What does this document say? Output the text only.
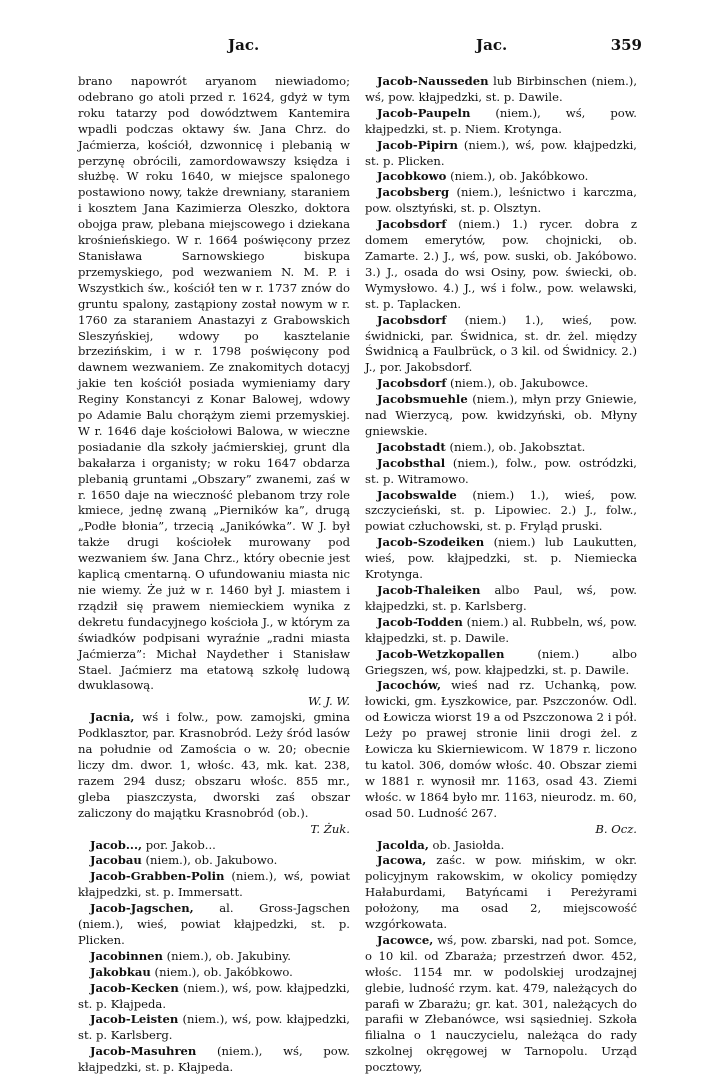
Jac.	Jac.	359

brano napowrót aryanom niewiadomo; odebrano go atoli przed r. 1624, gdyż w tym roku tatarzy pod dowództwem Kantemira wpadli podczas oktawy św. Jana Chrz. do Jaćmierza, kościół, dzwonnicę i plebanią w perzynę obrócili, zamordowawszy księdza i służbę. W roku 1640, w miejsce spalonego postawiono nowy, także drewniany, staraniem i kosztem Jana Kazimierza Oleszko, doktora obojga praw, plebana miejscowego i dziekana krośnieńskiego. W r. 1664 poświęcony przez Stanisława Sarnowskiego biskupa przemyskiego, pod wezwaniem N. M. P. i Wszystkich św., kościół ten w r. 1737 znów do gruntu spalony, zastąpiony został nowym w r. 1760 za staraniem Anastazyi z Grabowskich Sleszyńskiej, wdowy po kasztelanie brzezińskim, i w r. 1798 poświęcony pod dawnem wezwaniem. Ze znakomitych dotacyj jakie ten kościół posiada wymieniamy dary Reginy Konstancyi z Konar Balowej, wdowy po Adamie Balu chorążym ziemi przemyskiej. W r. 1646 daje kościołowi Balowa, w wieczne posiadanie dla szkoły jaćmierskiej, grunt dla bakałarza i organisty; w roku 1647 obdarza plebanią gruntami „Obszary” zwanemi, zaś w r. 1650 daje na wieczność plebanom trzy role kmiece, jednę zwaną „Pierników ka”, drugą „Podłe błonia”, trzecią „Janikówka”. W J. był także drugi kościołek murowany pod wezwaniem św. Jana Chrz., który obecnie jest kaplicą cmentarną. O ufundowaniu miasta nic nie wiemy. Że już w r. 1460 był J. miastem i rządził się prawem niemieckiem wynika z dekretu fundacyjnego kościoła J., w którym za świadków podpisani wyraźnie „radni miasta Jaćmierza”: Michał Naydether i Stanisław Stael. Jaćmierz ma etatową szkołę ludową dwuklasową.
W. J. W.

Jacnia, wś i folw., pow. zamojski, gmina Podklasztor, par. Krasnobród. Leży śród lasów na południe od Zamościa o w. 20; obecnie liczy dm. dwor. 1, włośc. 43, mk. kat. 238, razem 294 dusz; obszaru włośc. 855 mr., gleba piaszczysta, dworski zaś obszar zaliczony do majątku Krasnobród (ob.).
T. Żuk.

Jacob..., por. Jakob...

Jacobau (niem.), ob. Jakubowo.

Jacob-Grabben-Polin (niem.), wś, powiat kłajpedzki, st. p. Immersatt.

Jacob-Jagschen, al. Gross-Jagschen (niem.), wieś, powiat kłajpedzki, st. p. Plicken.

Jacobinnen (niem.), ob. Jakubiny.

Jakobkau (niem.), ob. Jakóbkowo.

Jacob-Kecken (niem.), wś, pow. kłajpedzki, st. p. Kłajpeda.

Jacob-Leisten (niem.), wś, pow. kłajpedzki, st. p. Karlsberg.

Jacob-Masuhren (niem.), wś, pow. kłajpedzki, st. p. Kłajpeda.

Jacob-Nausseden lub Birbinschen (niem.), wś, pow. kłajpedzki, st. p. Dawile.

Jacob-Paupeln (niem.), wś, pow. kłajpedzki, st. p. Niem. Krotynga.

Jacob-Pipirn (niem.), wś, pow. kłajpedzki, st. p. Plicken.

Jacobkowo (niem.), ob. Jakóbkowo.

Jacobsberg (niem.), leśnictwo i karczma, pow. olsztyński, st. p. Olsztyn.

Jacobsdorf (niem.) 1.) rycer. dobra z domem emerytów, pow. chojnicki, ob. Zamarte. 2.) J., wś, pow. suski, ob. Jakóbowo. 3.) J., osada do wsi Osiny, pow. świecki, ob. Wymysłowo. 4.) J., wś i folw., pow. welawski, st. p. Taplacken.

Jacobsdorf (niem.) 1.), wieś, pow. świdnicki, par. Świdnica, st. dr. żel. między Świdnicą a Faulbrück, o 3 kil. od Świdnicy. 2.) J., por. Jakobsdorf.

Jacobsdorf (niem.), ob. Jakubowce.

Jacobsmuehle (niem.), młyn przy Gniewie, nad Wierzycą, pow. kwidzyński, ob. Młyny gniewskie.

Jacobstadt (niem.), ob. Jakobsztat.

Jacobsthal (niem.), folw., pow. ostródzki, st. p. Witramowo.

Jacobswalde (niem.) 1.), wieś, pow. szczycieński, st. p. Lipowiec. 2.) J., folw., powiat człuchowski, st. p. Fryląd pruski.

Jacob-Szodeiken (niem.) lub Laukutten, wieś, pow. kłajpedzki, st. p. Niemiecka Krotynga.

Jacob-Thaleiken albo Paul, wś, pow. kłajpedzki, st. p. Karlsberg.

Jacob-Todden (niem.) al. Rubbeln, wś, pow. kłajpedzki, st. p. Dawile.

Jacob-Wetzkopallen (niem.) albo Griegszen, wś, pow. kłajpedzki, st. p. Dawile.

Jacochów, wieś nad rz. Uchanką, pow. łowicki, gm. Łyszkowice, par. Pszczonów. Odl. od Łowicza wiorst 19 a od Pszczonowa 2 i pół. Leży po prawej stronie linii drogi żel. z Łowicza ku Skierniewicom. W 1879 r. liczono tu katol. 306, domów włośc. 40. Obszar ziemi w 1881 r. wynosił mr. 1163, osad 43. Ziemi włośc. w 1864 było mr. 1163, nieurodz. m. 60, osad 50. Ludność 267.
B. Ocz.

Jacolda, ob. Jasiołda.

Jacowa, zaśc. w pow. mińskim, w okr. policyjnym rakowskim, w okolicy pomiędzy Hałaburdami, Batyńcami i Pereżyrami położony, ma osad 2, miejscowość wzgórkowata.

Jacowce, wś, pow. zbarski, nad pot. Somce, o 10 kil. od Zbaraża; przestrzeń dwor. 452, włośc. 1154 mr. w podolskiej urodzajnej glebie, ludność rzym. kat. 479, należących do parafi w Zbarażu; gr. kat. 301, należących do parafii w Złebanówce, wsi sąsiedniej. Szkoła filialna o 1 nauczycielu, należąca do rady szkolnej okręgowej w Tarnopolu. Urząd pocztowy,
